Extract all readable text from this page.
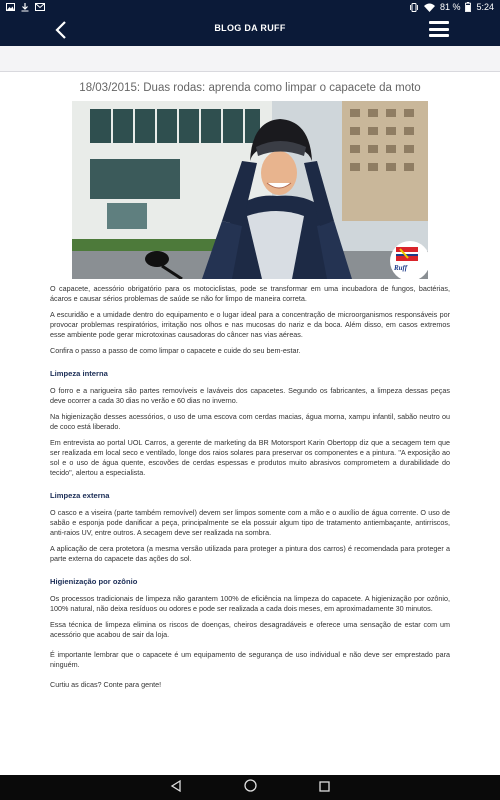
81 % 5:24
BLOG DA RUFF
18/03/2015: Duas rodas: aprenda como limpar o capacete da moto
Ruff

O capacete, acessório obrigatório para os motociclistas, pode se transformar em uma incubadora de fungos, bactérias, ácaros e causar sérios problemas de saúde se não for limpo de maneira correta.

A escuridão e a umidade dentro do equipamento e o lugar ideal para a concentração de microorganismos responsáveis por provocar problemas respiratórios, irritação nos olhos e nas mucosas do nariz e da boca. Além disso, em casos extremos esse ambiente pode gerar microtoxinas causadoras do câncer nas vias aéreas.

Confira o passo a passo de como limpar o capacete e cuide do seu bem-estar.

Limpeza interna

O forro e a narigueira são partes removíveis e laváveis dos capacetes. Segundo os fabricantes, a limpeza dessas peças deve ocorrer a cada 30 dias no verão e 60 dias no inverno.

Na higienização desses acessórios, o uso de uma escova com cerdas macias, água morna, xampu infantil, sabão neutro ou de coco está liberado.

Em entrevista ao portal UOL Carros, a gerente de marketing da BR Motorsport Karin Obertopp diz que a secagem tem que ser realizada em local seco e ventilado, longe dos raios solares para preservar os componentes e a pintura. "A exposição ao sol e o uso de água quente, escovões de cerdas espessas e produtos muito abrasivos comprometem a durabilidade do tecido", alertou a especialista.

Limpeza externa

O casco e a viseira (parte também removível) devem ser limpos somente com a mão e o auxílio de água corrente. O uso de sabão e esponja pode danificar a peça, principalmente se ela possuir algum tipo de tratamento antiembaçante, antirriscos, anti-raios UV, entre outros. A secagem deve ser realizada na sombra.

A aplicação de cera protetora (a mesma versão utilizada para proteger a pintura dos carros) é recomendada para proteger a parte externa do capacete das ações do sol.

Higienização por ozônio

Os processos tradicionais de limpeza não garantem 100% de eficiência na limpeza do capacete. A higienização por ozônio, 100% natural, não deixa resíduos ou odores e pode ser realizada a cada dois meses, em aproximadamente 30 minutos.

Essa técnica de limpeza elimina os riscos de doenças, cheiros desagradáveis e oferece uma sensação de estar com um acessório que acabou de sair da loja.

É importante lembrar que o capacete é um equipamento de segurança de uso individual e não deve ser emprestado para ninguém.

Curtiu as dicas? Conte para gente!
